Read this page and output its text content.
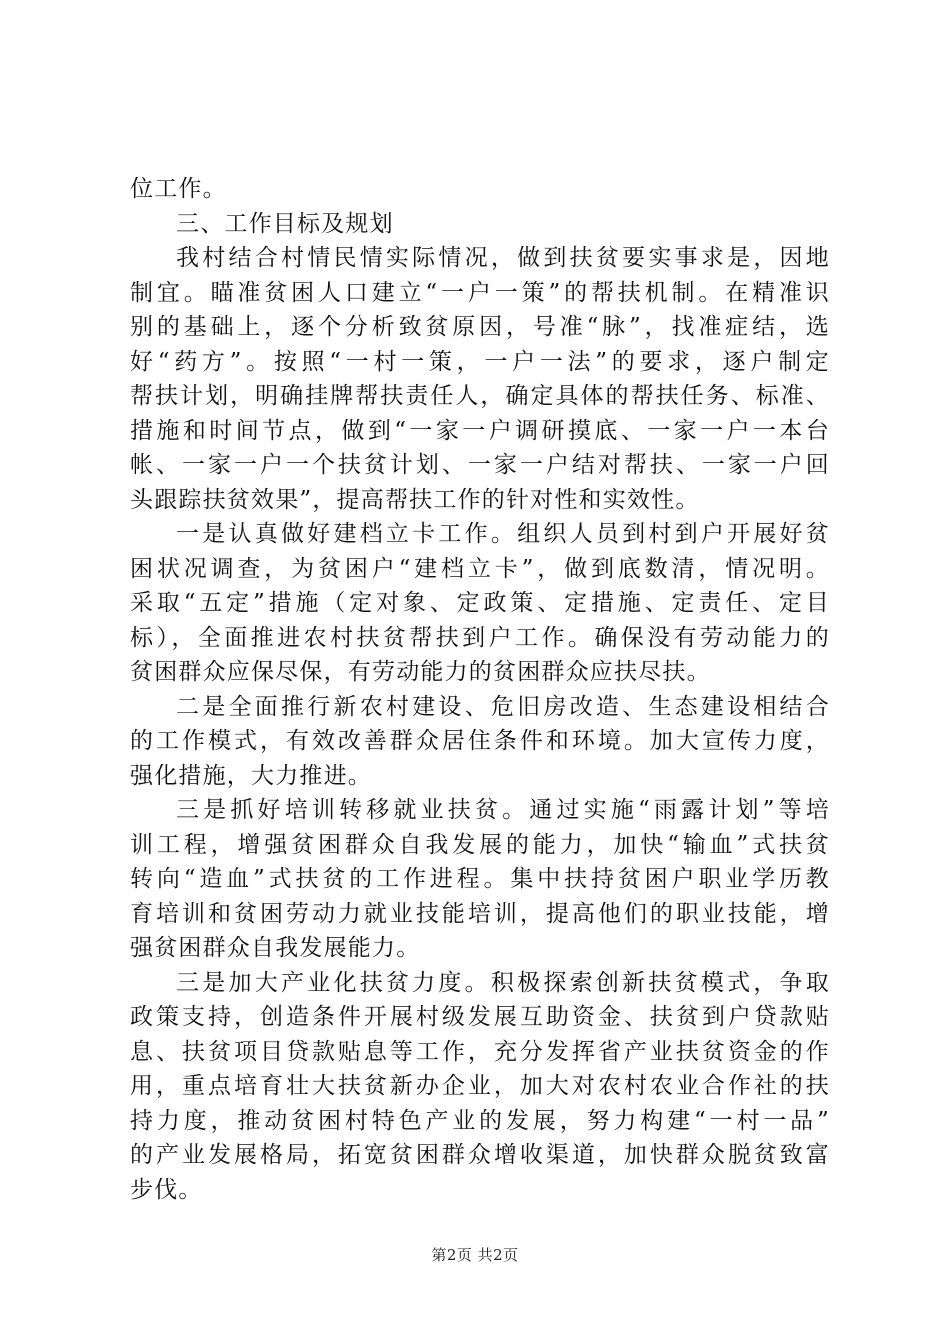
位工作。
三、工作目标及规划
我村结合村情民情实际情况，做到扶贫要实事求是，因地
制宜。瞄准贫困人口建立“一户一策”的帮扶机制。在精准识
别的基础上，逐个分析致贫原因，号准“脉”，找准症结，选
好“药方”。按照“一村一策，一户一法”的要求，逐户制定
帮扶计划，明确挂牌帮扶责任人，确定具体的帮扶任务、标准、
措施和时间节点，做到“一家一户调研摸底、一家一户一本台
帐、一家一户一个扶贫计划、一家一户结对帮扶、一家一户回
头跟踪扶贫效果”，提高帮扶工作的针对性和实效性。
一是认真做好建档立卡工作。组织人员到村到户开展好贫
困状况调查，为贫困户“建档立卡”，做到底数清，情况明。
采取“五定”措施（定对象、定政策、定措施、定责任、定目
标），全面推进农村扶贫帮扶到户工作。确保没有劳动能力的
贫困群众应保尽保，有劳动能力的贫困群众应扶尽扶。
二是全面推行新农村建设、危旧房改造、生态建设相结合
的工作模式，有效改善群众居住条件和环境。加大宣传力度，
强化措施，大力推进。
三是抓好培训转移就业扶贫。通过实施“雨露计划”等培
训工程，增强贫困群众自我发展的能力，加快“输血”式扶贫
转向“造血”式扶贫的工作进程。集中扶持贫困户职业学历教
育培训和贫困劳动力就业技能培训，提高他们的职业技能，增
强贫困群众自我发展能力。
三是加大产业化扶贫力度。积极探索创新扶贫模式，争取
政策支持，创造条件开展村级发展互助资金、扶贫到户贷款贴
息、扶贫项目贷款贴息等工作，充分发挥省产业扶贫资金的作
用，重点培育壮大扶贫新办企业，加大对农村农业合作社的扶
持力度，推动贫困村特色产业的发展，努力构建“一村一品”
的产业发展格局，拓宽贫困群众增收渠道，加快群众脱贫致富
步伐。
第2页 共2页
